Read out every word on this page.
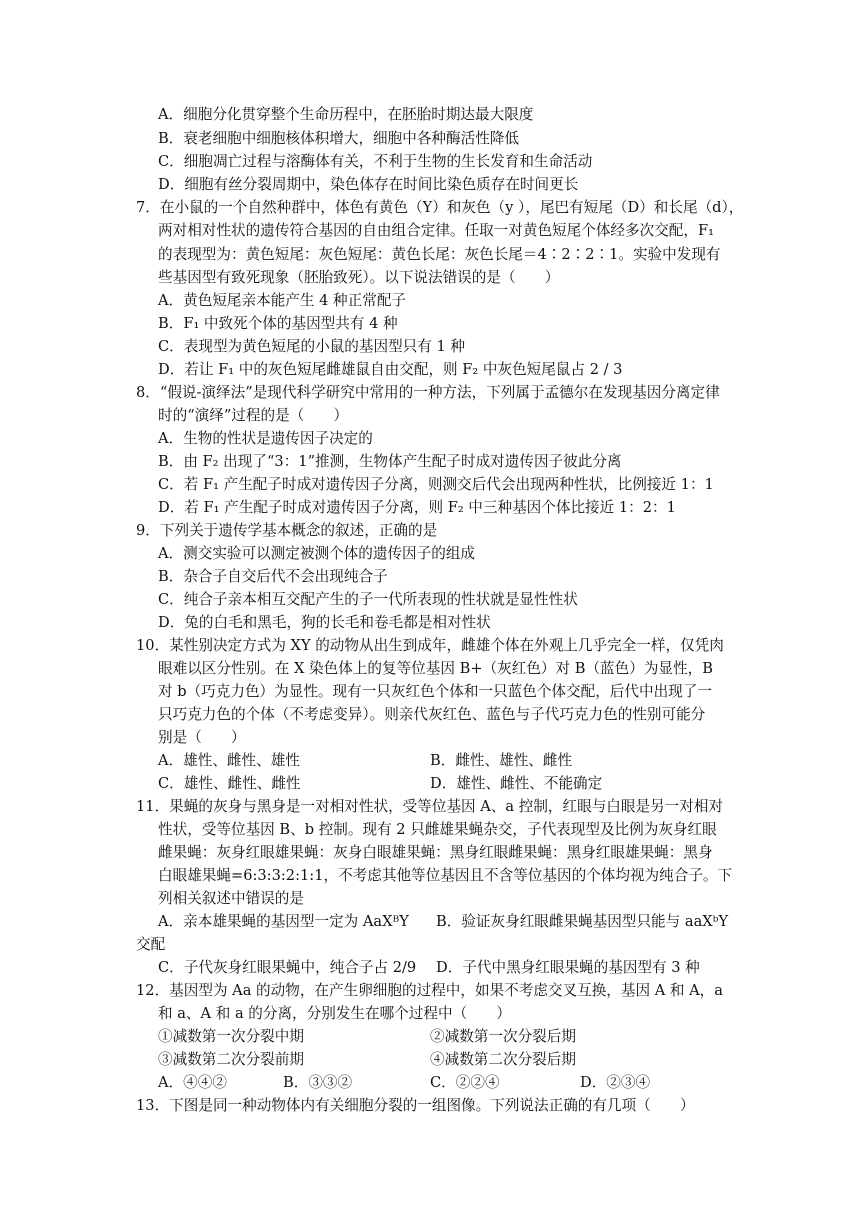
A．细胞分化贯穿整个生命历程中，在胚胎时期达最大限度
B．衰老细胞中细胞核体积增大，细胞中各种酶活性降低
C．细胞凋亡过程与溶酶体有关，不利于生物的生长发育和生命活动
D．细胞有丝分裂周期中，染色体存在时间比染色质存在时间更长
7．在小鼠的一个自然种群中，体色有黄色（Y）和灰色（y ），尾巴有短尾（D）和长尾（d），
两对相对性状的遗传符合基因的自由组合定律。任取一对黄色短尾个体经多次交配，F₁
的表现型为：黄色短尾：灰色短尾：黄色长尾：灰色长尾＝4∶2∶2∶1。实验中发现有
些基因型有致死现象（胚胎致死）。以下说法错误的是（　　）
A．黄色短尾亲本能产生 4 种正常配子
B．F₁ 中致死个体的基因型共有 4 种
C．表现型为黄色短尾的小鼠的基因型只有 1 种
D．若让 F₁ 中的灰色短尾雌雄鼠自由交配，则 F₂ 中灰色短尾鼠占 2 / 3
8．“假说-演绎法”是现代科学研究中常用的一种方法，下列属于孟德尔在发现基因分离定律
时的“演绎”过程的是（　　）
A．生物的性状是遗传因子决定的
B．由 F₂ 出现了“3：1”推测，生物体产生配子时成对遗传因子彼此分离
C．若 F₁ 产生配子时成对遗传因子分离，则测交后代会出现两种性状，比例接近 1：1
D．若 F₁ 产生配子时成对遗传因子分离，则 F₂ 中三种基因个体比接近 1：2：1
9．下列关于遗传学基本概念的叙述，正确的是
A．测交实验可以测定被测个体的遗传因子的组成
B．杂合子自交后代不会出现纯合子
C．纯合子亲本相互交配产生的子一代所表现的性状就是显性性状
D．兔的白毛和黑毛，狗的长毛和卷毛都是相对性状
10．某性别决定方式为 XY 的动物从出生到成年，雌雄个体在外观上几乎完全一样，仅凭肉
眼难以区分性别。在 X 染色体上的复等位基因 B+（灰红色）对 B（蓝色）为显性，B
对 b（巧克力色）为显性。现有一只灰红色个体和一只蓝色个体交配，后代中出现了一
只巧克力色的个体（不考虑变异）。则亲代灰红色、蓝色与子代巧克力色的性别可能分
别是（　　）
A．雄性、雌性、雄性	B．雌性、雄性、雌性
C．雄性、雌性、雌性	D．雄性、雌性、不能确定
11．果蝇的灰身与黑身是一对相对性状，受等位基因 A、a 控制，红眼与白眼是另一对相对
性状，受等位基因 B、b 控制。现有 2 只雌雄果蝇杂交，子代表现型及比例为灰身红眼
雌果蝇：灰身红眼雄果蝇：灰身白眼雄果蝇：黑身红眼雌果蝇：黑身红眼雄果蝇：黑身
白眼雄果蝇=6:3:3:2:1:1，不考虑其他等位基因且不含等位基因的个体均视为纯合子。下
列相关叙述中错误的是
A．亲本雄果蝇的基因型一定为 AaXᴮY B．验证灰身红眼雌果蝇基因型只能与 aaXᵇY
交配
C．子代灰身红眼果蝇中，纯合子占 2/9 D．子代中黑身红眼果蝇的基因型有 3 种
12．基因型为 Aa 的动物，在产生卵细胞的过程中，如果不考虑交叉互换，基因 A 和 A，a
和 a、A 和 a 的分离，分别发生在哪个过程中（　　）
①减数第一次分裂中期	②减数第一次分裂后期
③减数第二次分裂前期	④减数第二次分裂后期
A．④④②	B．③③②	C．②②④	D．②③④
13．下图是同一种动物体内有关细胞分裂的一组图像。下列说法正确的有几项（　　）
